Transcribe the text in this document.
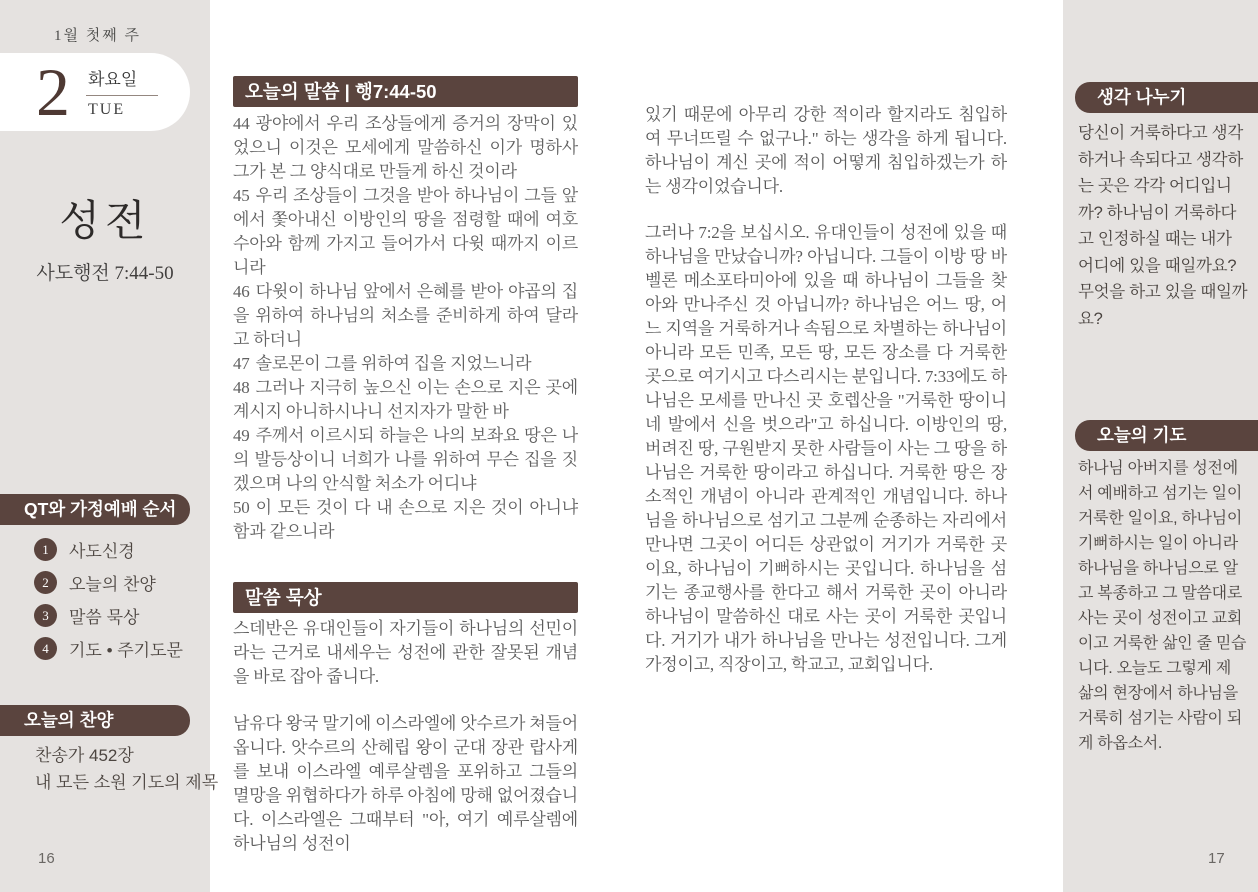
1월 첫째 주
2 화요일
TUE
성전
사도행전 7:44-50
QT와 가정예배 순서
1	사도신경
2	오늘의 찬양
3	말씀 묵상
4	기도 • 주기도문
오늘의 찬양
찬송가 452장
내 모든 소원 기도의 제목
16
오늘의 말씀 | 행7:44-50

44 광야에서 우리 조상들에게 증거의 장막이 있었으니 이것은 모세에게 말씀하신 이가 명하사 그가 본 그 양식대로 만들게 하신 것이라

45 우리 조상들이 그것을 받아 하나님이 그들 앞에서 쫓아내신 이방인의 땅을 점령할 때에 여호수아와 함께 가지고 들어가서 다윗 때까지 이르니라

46 다윗이 하나님 앞에서 은혜를 받아 야곱의 집을 위하여 하나님의 처소를 준비하게 하여 달라고 하더니

47 솔로몬이 그를 위하여 집을 지었느니라

48 그러나 지극히 높으신 이는 손으로 지은 곳에 계시지 아니하시나니 선지자가 말한 바

49 주께서 이르시되 하늘은 나의 보좌요 땅은 나의 발등상이니 너희가 나를 위하여 무슨 집을 짓겠으며 나의 안식할 처소가 어디냐

50 이 모든 것이 다 내 손으로 지은 것이 아니냐 함과 같으니라

말씀 묵상

스데반은 유대인들이 자기들이 하나님의 선민이라는 근거로 내세우는 성전에 관한 잘못된 개념을 바로 잡아 줍니다.

남유다 왕국 말기에 이스라엘에 앗수르가 쳐들어 옵니다. 앗수르의 산헤립 왕이 군대 장관 랍사게를 보내 이스라엘 예루살렘을 포위하고 그들의 멸망을 위협하다가 하루 아침에 망해 없어졌습니다. 이스라엘은 그때부터 "아, 여기 예루살렘에 하나님의 성전이

있기 때문에 아무리 강한 적이라 할지라도 침입하여 무너뜨릴 수 없구나." 하는 생각을 하게 됩니다. 하나님이 계신 곳에 적이 어떻게 침입하겠는가 하는 생각이었습니다.

그러나 7:2을 보십시오. 유대인들이 성전에 있을 때 하나님을 만났습니까? 아닙니다. 그들이 이방 땅 바벨론 메소포타미아에 있을 때 하나님이 그들을 찾아와 만나주신 것 아닙니까? 하나님은 어느 땅, 어느 지역을 거룩하거나 속됨으로 차별하는 하나님이 아니라 모든 민족, 모든 땅, 모든 장소를 다 거룩한 곳으로 여기시고 다스리시는 분입니다. 7:33에도 하나님은 모세를 만나신 곳 호렙산을 "거룩한 땅이니 네 발에서 신을 벗으라"고 하십니다. 이방인의 땅, 버려진 땅, 구원받지 못한 사람들이 사는 그 땅을 하나님은 거룩한 땅이라고 하십니다. 거룩한 땅은 장소적인 개념이 아니라 관계적인 개념입니다. 하나님을 하나님으로 섬기고 그분께 순종하는 자리에서 만나면 그곳이 어디든 상관없이 거기가 거룩한 곳이요, 하나님이 기뻐하시는 곳입니다. 하나님을 섬기는 종교행사를 한다고 해서 거룩한 곳이 아니라 하나님이 말씀하신 대로 사는 곳이 거룩한 곳입니다. 거기가 내가 하나님을 만나는 성전입니다. 그게 가정이고, 직장이고, 학교고, 교회입니다.

생각 나누기
당신이 거룩하다고 생각하거나 속되다고 생각하는 곳은 각각 어디입니까? 하나님이 거룩하다고 인정하실 때는 내가 어디에 있을 때일까요? 무엇을 하고 있을 때일까요?
오늘의 기도
하나님 아버지를 성전에서 예배하고 섬기는 일이 거룩한 일이요, 하나님이 기뻐하시는 일이 아니라 하나님을 하나님으로 알고 복종하고 그 말씀대로 사는 곳이 성전이고 교회이고 거룩한 삶인 줄 믿습니다. 오늘도 그렇게 제 삶의 현장에서 하나님을 거룩히 섬기는 사람이 되게 하옵소서.
17
